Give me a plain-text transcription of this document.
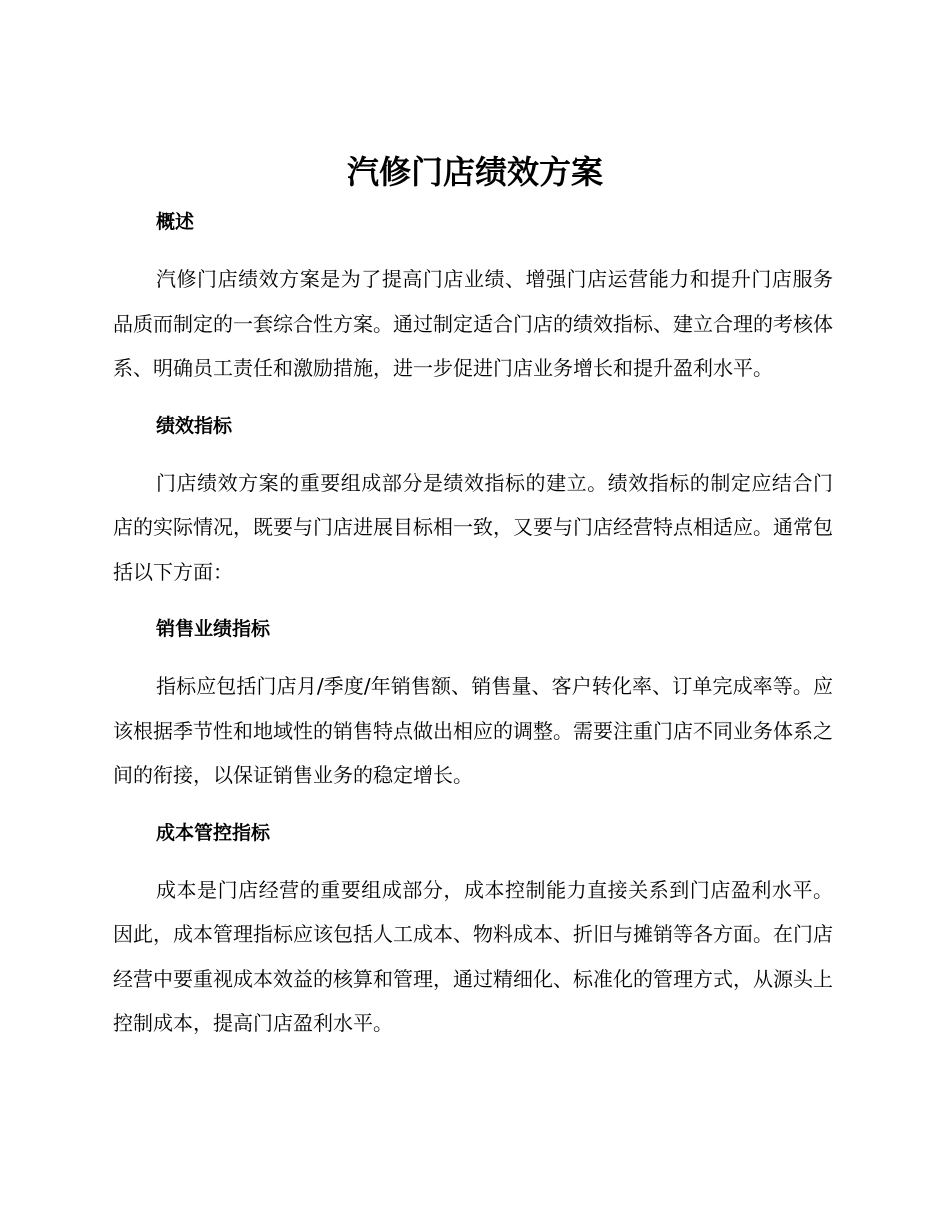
汽修门店绩效方案
概述

汽修门店绩效方案是为了提高门店业绩、增强门店运营能力和提升门店服务品质而制定的一套综合性方案。通过制定适合门店的绩效指标、建立合理的考核体系、明确员工责任和激励措施，进一步促进门店业务增长和提升盈利水平。

绩效指标

门店绩效方案的重要组成部分是绩效指标的建立。绩效指标的制定应结合门店的实际情况，既要与门店进展目标相一致，又要与门店经营特点相适应。通常包括以下方面：

销售业绩指标

指标应包括门店月/季度/年销售额、销售量、客户转化率、订单完成率等。应该根据季节性和地域性的销售特点做出相应的调整。需要注重门店不同业务体系之间的衔接，以保证销售业务的稳定增长。

成本管控指标

成本是门店经营的重要组成部分，成本控制能力直接关系到门店盈利水平。因此，成本管理指标应该包括人工成本、物料成本、折旧与摊销等各方面。在门店经营中要重视成本效益的核算和管理，通过精细化、标准化的管理方式，从源头上控制成本，提高门店盈利水平。
